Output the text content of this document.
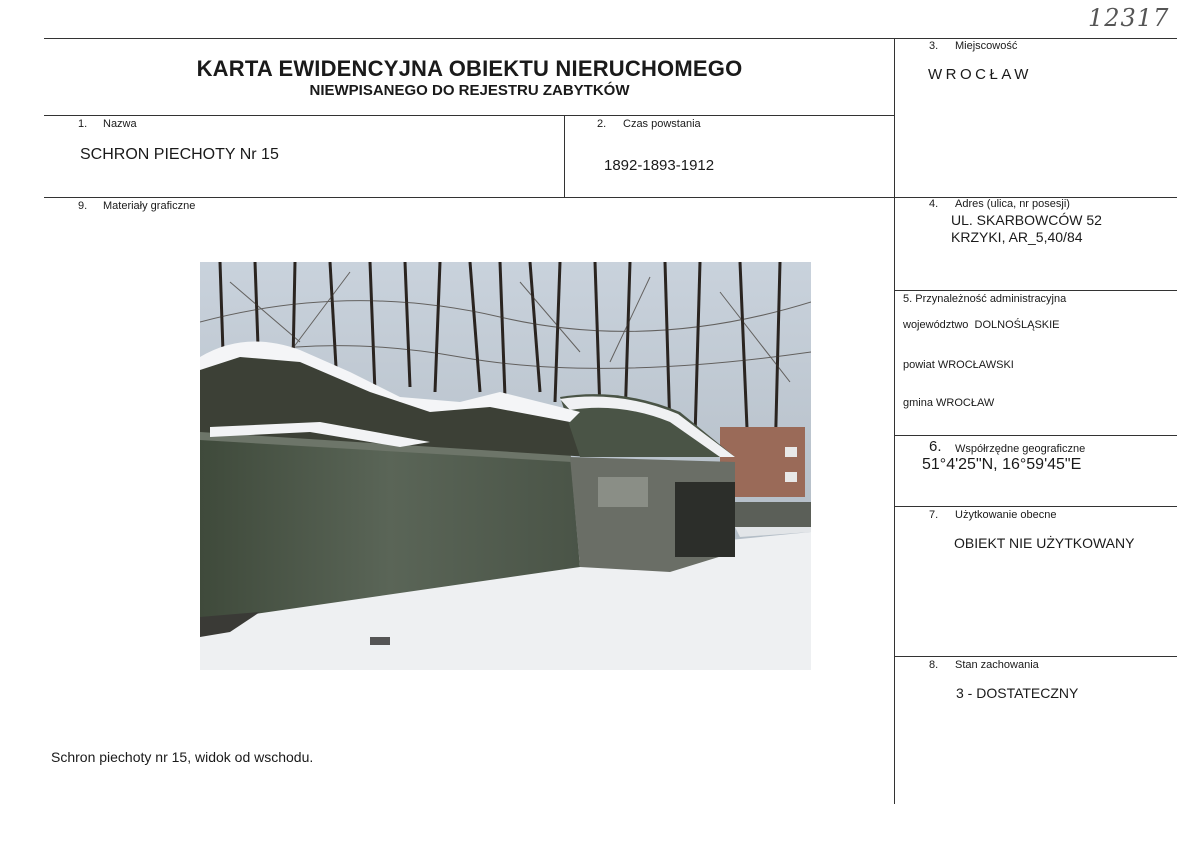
12317
KARTA EWIDENCYJNA OBIEKTU NIERUCHOMEGO
NIEWPISANEGO DO REJESTRU ZABYTKÓW
3. Miejscowość
WROCŁAW
1. Nazwa
SCHRON PIECHOTY Nr 15
2. Czas powstania
1892-1893-1912
9. Materiały graficzne	4. Adres (ulica, nr posesji)
UL. SKARBOWCÓW 52
KRZYKI, AR_5,40/84
5. Przynależność administracyjna
województwo DOLNOŚLĄSKIE
powiat WROCŁAWSKI
gmina WROCŁAW
6. Współrzędne geograficzne
51°4'25"N, 16°59'45"E
7. Użytkowanie obecne
OBIEKT NIE UŻYTKOWANY
8. Stan zachowania
3 - DOSTATECZNY
Schron piechoty nr 15, widok od wschodu.
